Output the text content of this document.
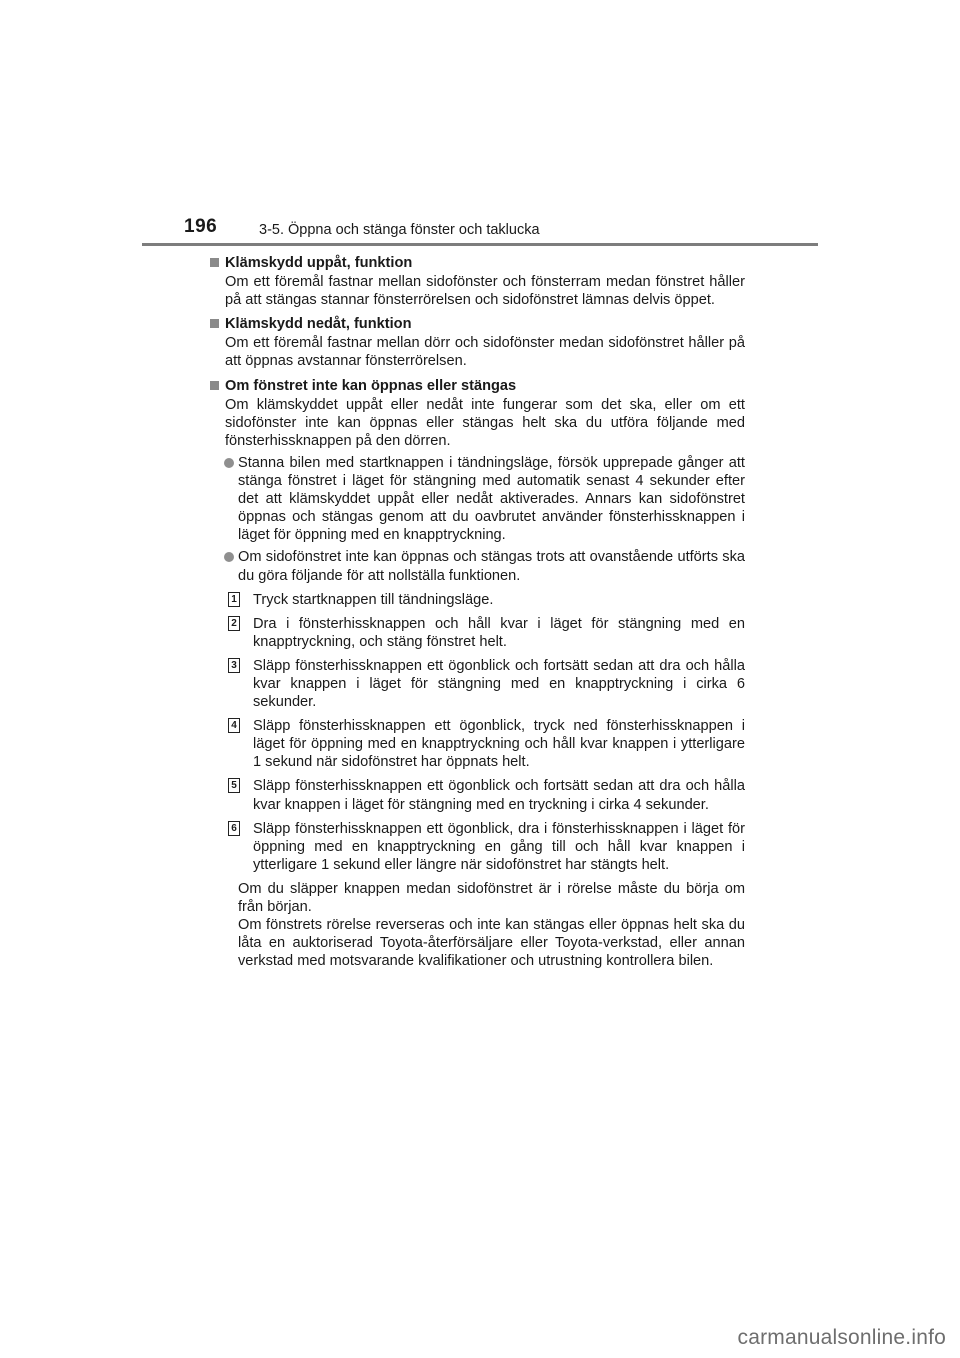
196	3-5. Öppna och stänga fönster och taklucka

Klämskydd uppåt, funktion

Om ett föremål fastnar mellan sidofönster och fönsterram medan fönstret håller på att stängas stannar fönsterrörelsen och sidofönstret lämnas delvis öppet.

Klämskydd nedåt, funktion

Om ett föremål fastnar mellan dörr och sidofönster medan sidofönstret håller på att öppnas avstannar fönsterrörelsen.

Om fönstret inte kan öppnas eller stängas

Om klämskyddet uppåt eller nedåt inte fungerar som det ska, eller om ett sidofönster inte kan öppnas eller stängas helt ska du utföra följande med fönsterhissknappen på den dörren.

Stanna bilen med startknappen i tändningsläge, försök upprepade gånger att stänga fönstret i läget för stängning med automatik senast 4 sekunder efter det att klämskyddet uppåt eller nedåt aktiverades. Annars kan sidofönstret öppnas och stängas genom att du oavbrutet använder fönsterhissknappen i läget för öppning med en knapptryckning.
Om sidofönstret inte kan öppnas och stängas trots att ovanstående utförts ska du göra följande för att nollställa funktionen.
1 Tryck startknappen till tändningsläge.
2 Dra i fönsterhissknappen och håll kvar i läget för stängning med en knapptryckning, och stäng fönstret helt.
3 Släpp fönsterhissknappen ett ögonblick och fortsätt sedan att dra och hålla kvar knappen i läget för stängning med en knapptryckning i cirka 6 sekunder.
4 Släpp fönsterhissknappen ett ögonblick, tryck ned fönsterhissknappen i läget för öppning med en knapptryckning och håll kvar knappen i ytterligare 1 sekund när sidofönstret har öppnats helt.
5 Släpp fönsterhissknappen ett ögonblick och fortsätt sedan att dra och hålla kvar knappen i läget för stängning med en tryckning i cirka 4 sekunder.
6 Släpp fönsterhissknappen ett ögonblick, dra i fönsterhissknappen i läget för öppning med en knapptryckning en gång till och håll kvar knappen i ytterligare 1 sekund eller längre när sidofönstret har stängts helt.

Om du släpper knappen medan sidofönstret är i rörelse måste du börja om från början.
Om fönstrets rörelse reverseras och inte kan stängas eller öppnas helt ska du låta en auktoriserad Toyota-återförsäljare eller Toyota-verkstad, eller annan verkstad med motsvarande kvalifikationer och utrustning kontrollera bilen.

carmanualsonline.info
